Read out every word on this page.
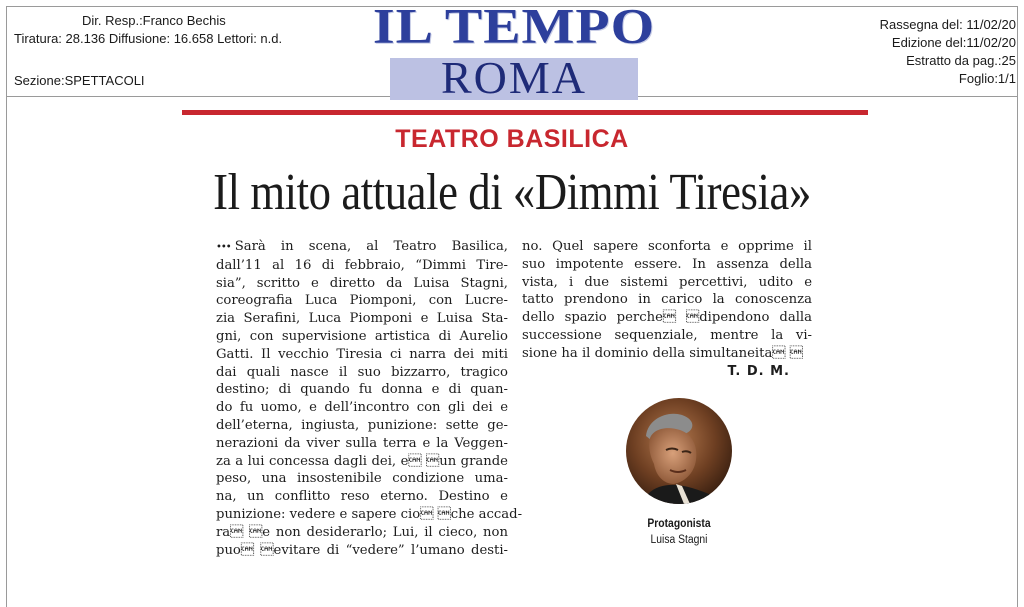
Dir. Resp.:Franco Bechis
Tiratura: 28.136 Diffusione: 16.658 Lettori: n.d.
Sezione:SPETTACOLI
IL TEMPO
ROMA
Rassegna del: 11/02/20
Edizione del:11/02/20
Estratto da pag.:25
Foglio:1/1
TEATRO BASILICA
Il mito attuale di «Dimmi Tiresia»
••• Sarà in scena, al Teatro Basilica,
dall’11 al 16 di febbraio, “Dimmi Tire-
sia”, scritto e diretto da Luisa Stagni,
coreografia Luca Piomponi, con Lucre-
zia Serafini, Luca Piomponi e Luisa Sta-
gni, con supervisione artistica di Aurelio
Gatti. Il vecchio Tiresia ci narra dei miti
dai quali nasce il suo bizzarro, tragico
destino; di quando fu donna e di quan-
do fu uomo, e dell’incontro con gli dei e
dell’eterna, ingiusta, punizione: sette ge-
nerazioni da viver sulla terra e la Veggen-
za a lui concessa dagli dei, e un grande
peso, una insostenibile condizione uma-
na, un conflitto reso eterno. Destino e
punizione: vedere e sapere cio che accad-
ra e non desiderarlo; Lui, il cieco, non
puo evitare di “vedere” l’umano desti-
no. Quel sapere sconforta e opprime il
suo impotente essere. In assenza della
vista, i due sistemi percettivi, udito e
tatto prendono in carico la conoscenza
dello spazio perche dipendono dalla
successione sequenziale, mentre la vi-
sione ha il dominio della simultaneita 
T. D. M.
Protagonista
Luisa Stagni
